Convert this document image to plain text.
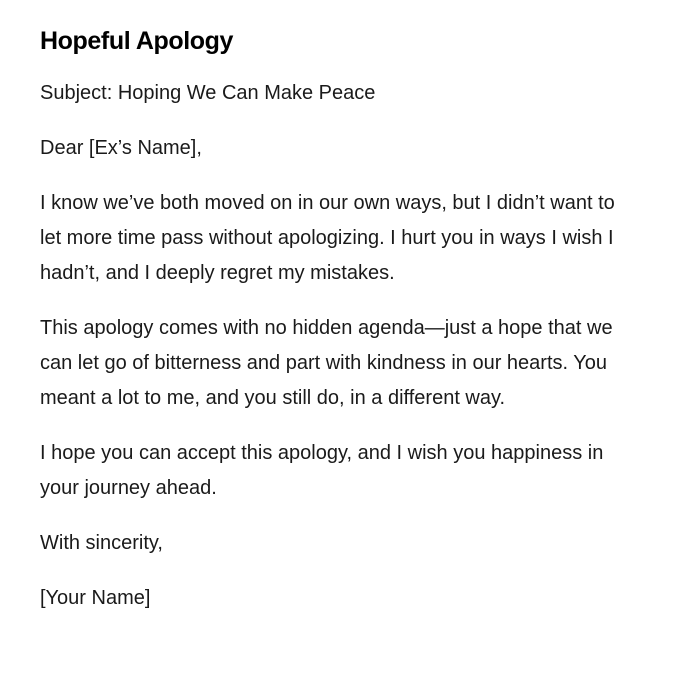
Hopeful Apology

Subject: Hoping We Can Make Peace

Dear [Ex’s Name],

I know we’ve both moved on in our own ways, but I didn’t want to let more time pass without apologizing. I hurt you in ways I wish I hadn’t, and I deeply regret my mistakes.

This apology comes with no hidden agenda—just a hope that we can let go of bitterness and part with kindness in our hearts. You meant a lot to me, and you still do, in a different way.

I hope you can accept this apology, and I wish you happiness in your journey ahead.

With sincerity,

[Your Name]
